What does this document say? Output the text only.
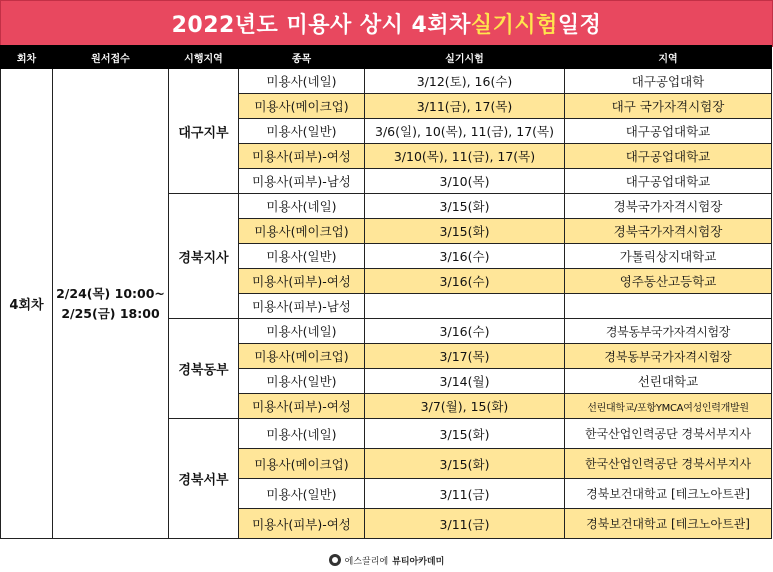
2022년도 미용사 상시 4회차 실기시험 일정
회차	원서접수	시행지역	종목	실기시험	지역
4회차	2/24(목) 10:00~
2/25(금) 18:00	대구지부	미용사(네일)	3/12(토), 16(수)	대구공업대학
			미용사(메이크업)	3/11(금), 17(목)	대구 국가자격시험장
			미용사(일반)	3/6(일), 10(목), 11(금), 17(목)	대구공업대학교
			미용사(피부)-여성	3/10(목), 11(금), 17(목)	대구공업대학교
			미용사(피부)-남성	3/10(목)	대구공업대학교
		경북지사	미용사(네일)	3/15(화)	경북국가자격시험장
			미용사(메이크업)	3/15(화)	경북국가자격시험장
			미용사(일반)	3/16(수)	가톨릭상지대학교
			미용사(피부)-여성	3/16(수)	영주동산고등학교
			미용사(피부)-남성		
		경북동부	미용사(네일)	3/16(수)	경북동부국가자격시험장
			미용사(메이크업)	3/17(목)	경북동부국가자격시험장
			미용사(일반)	3/14(월)	선린대학교
			미용사(피부)-여성	3/7(월), 15(화)	선린대학교/포항YMCA여성인력개발원
		경북서부	미용사(네일)	3/15(화)	한국산업인력공단 경북서부지사
			미용사(메이크업)	3/15(화)	한국산업인력공단 경북서부지사
			미용사(일반)	3/11(금)	경북보건대학교 [테크노아트관]
			미용사(피부)-여성	3/11(금)	경북보건대학교 [테크노아트관]
에스끌리에 뷰티아카데미
